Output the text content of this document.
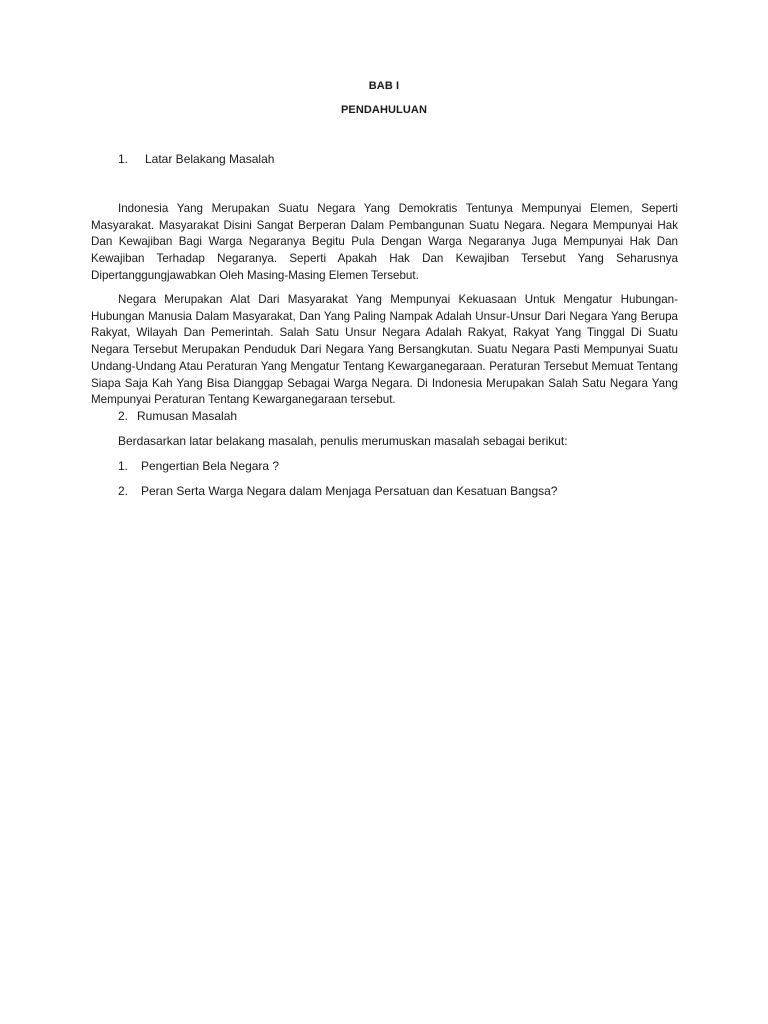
BAB I
PENDAHULUAN
1. Latar Belakang Masalah

Indonesia Yang Merupakan Suatu Negara Yang Demokratis Tentunya Mempunyai Elemen, Seperti Masyarakat. Masyarakat Disini Sangat Berperan Dalam Pembangunan Suatu Negara. Negara Mempunyai Hak Dan Kewajiban Bagi Warga Negaranya Begitu Pula Dengan Warga Negaranya Juga Mempunyai Hak Dan Kewajiban Terhadap Negaranya. Seperti Apakah Hak Dan Kewajiban Tersebut Yang Seharusnya Dipertanggungjawabkan Oleh Masing-Masing Elemen Tersebut.

Negara Merupakan Alat Dari Masyarakat Yang Mempunyai Kekuasaan Untuk Mengatur Hubungan-Hubungan Manusia Dalam Masyarakat, Dan Yang Paling Nampak Adalah Unsur-Unsur Dari Negara Yang Berupa Rakyat, Wilayah Dan Pemerintah. Salah Satu Unsur Negara Adalah Rakyat, Rakyat Yang Tinggal Di Suatu Negara Tersebut Merupakan Penduduk Dari Negara Yang Bersangkutan. Suatu Negara Pasti Mempunyai Suatu Undang-Undang Atau Peraturan Yang Mengatur Tentang Kewarganegaraan. Peraturan Tersebut Memuat Tentang Siapa Saja Kah Yang Bisa Dianggap Sebagai Warga Negara. Di Indonesia Merupakan Salah Satu Negara Yang Mempunyai Peraturan Tentang Kewarganegaraan tersebut.

2. Rumusan Masalah
Berdasarkan latar belakang masalah, penulis merumuskan masalah sebagai berikut:
1. Pengertian Bela Negara ?
2. Peran Serta Warga Negara dalam Menjaga Persatuan dan Kesatuan Bangsa?
